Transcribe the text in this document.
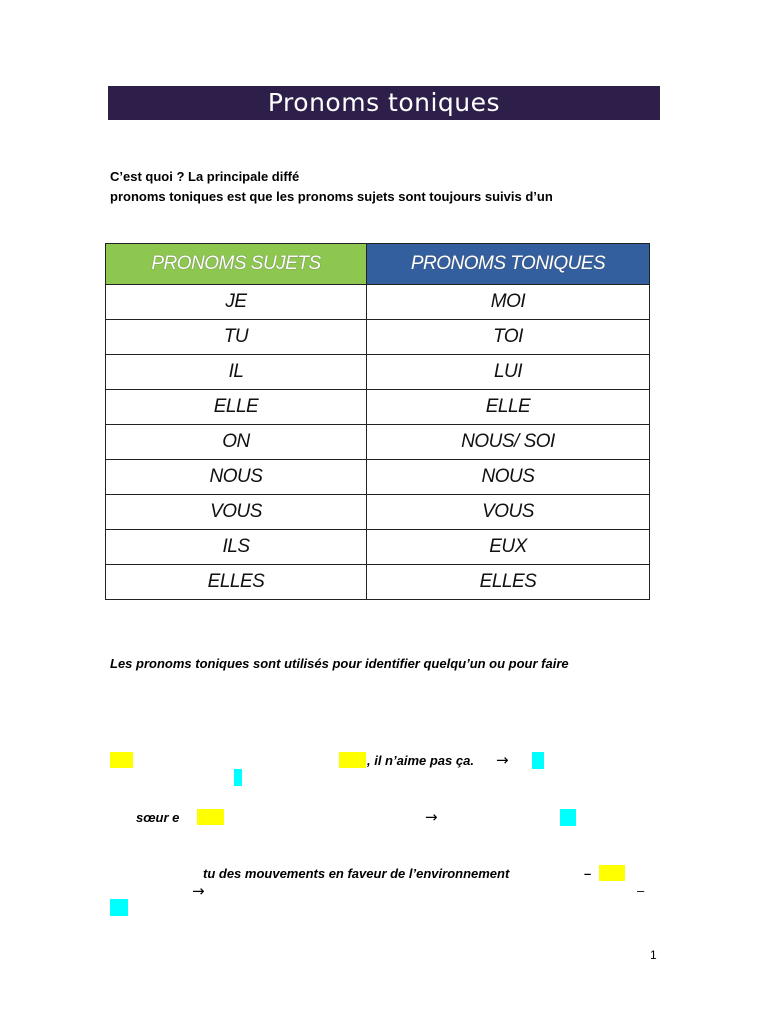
Pronoms toniques
C’est quoi ? La principale diffé
pronoms toniques est que les pronoms sujets sont toujours suivis d’un
PRONOMS SUJETS	PRONOMS TONIQUES
JE	MOI
TU	TOI
IL	LUI
ELLE	ELLE
ON	NOUS/ SOI
NOUS	NOUS
VOUS	VOUS
ILS	EUX
ELLES	ELLES
Les pronoms toniques sont utilisés pour identifier quelqu’un ou pour faire
, il n’aime pas ça. →
sœur e	→
tu des mouvements en faveur de l’environnement	–
→	–
1
